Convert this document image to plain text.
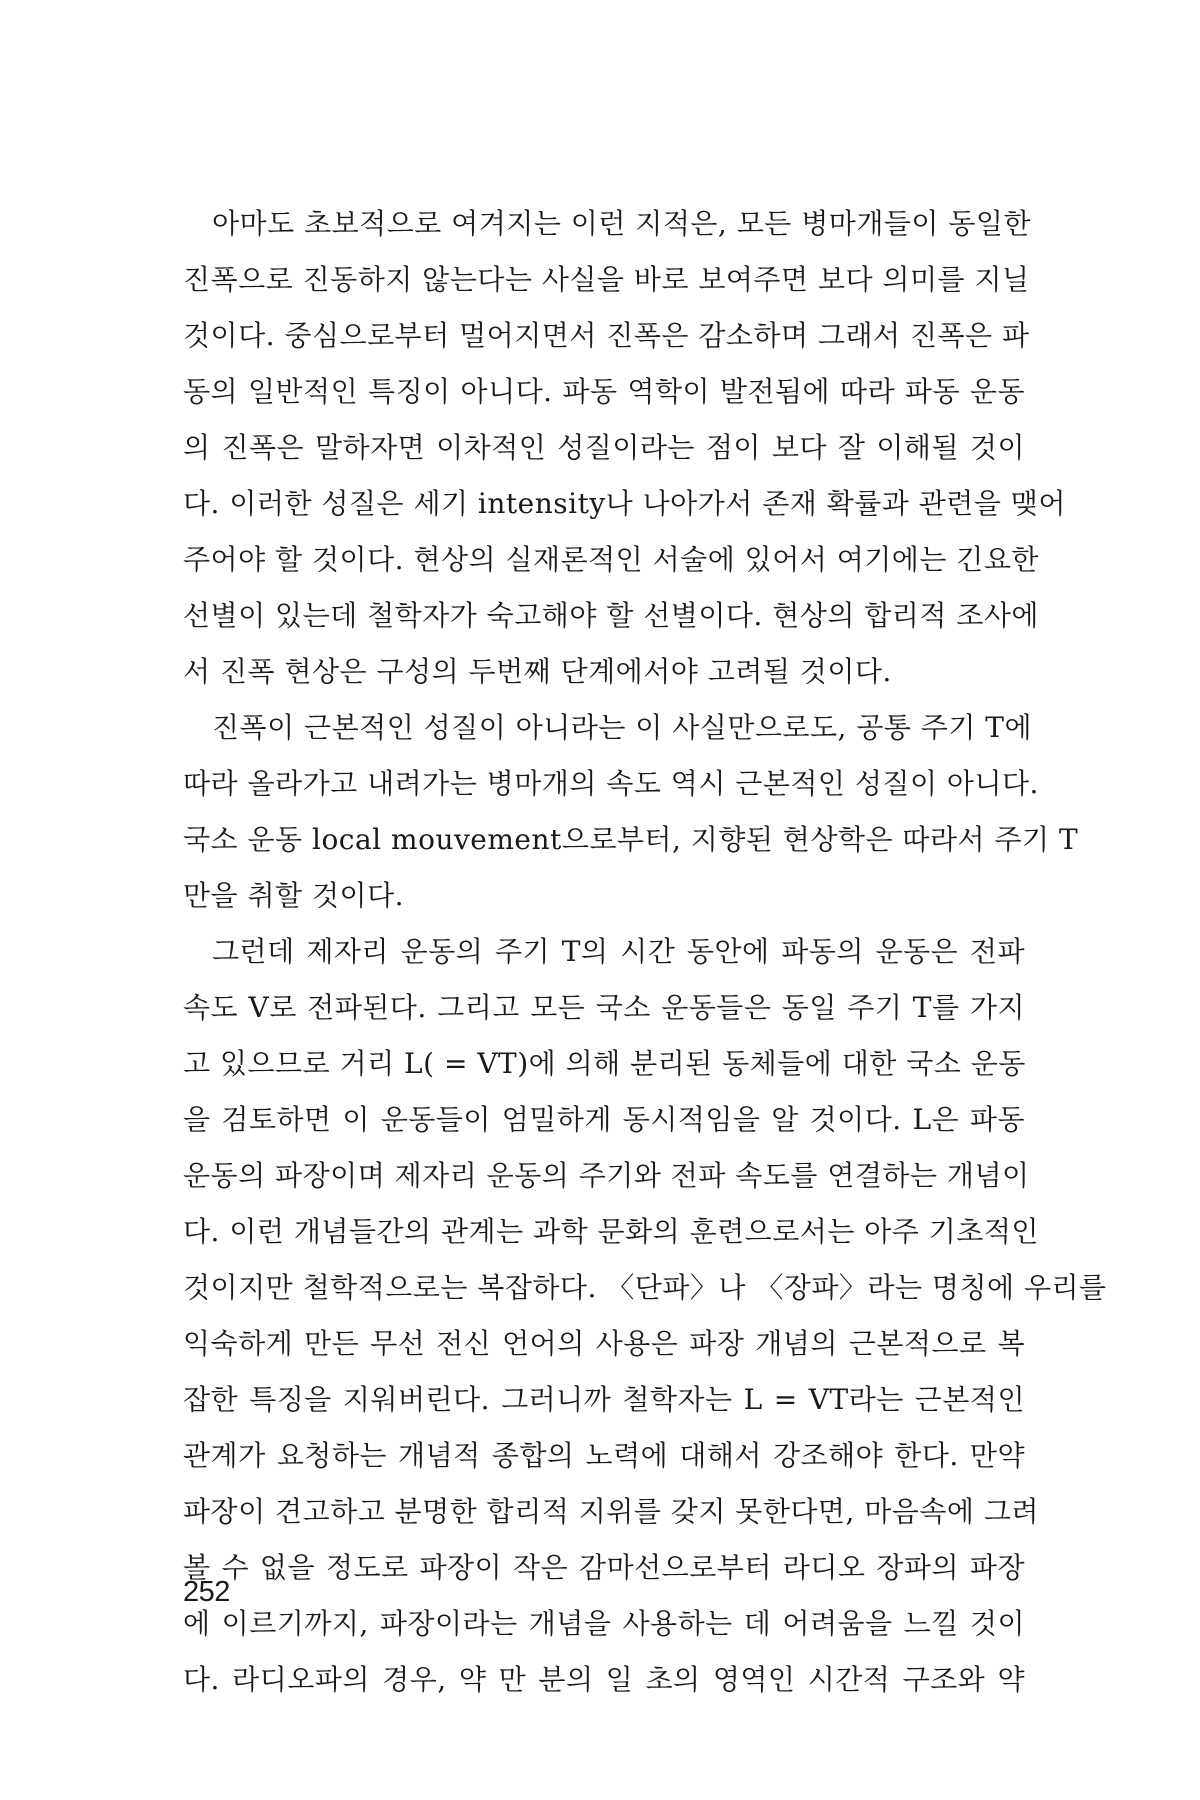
아마도 초보적으로 여겨지는 이런 지적은, 모든 병마개들이 동일한
진폭으로 진동하지 않는다는 사실을 바로 보여주면 보다 의미를 지닐
것이다. 중심으로부터 멀어지면서 진폭은 감소하며 그래서 진폭은 파
동의 일반적인 특징이 아니다. 파동 역학이 발전됨에 따라 파동 운동
의 진폭은 말하자면 이차적인 성질이라는 점이 보다 잘 이해될 것이
다. 이러한 성질은 세기 intensity나 나아가서 존재 확률과 관련을 맺어
주어야 할 것이다. 현상의 실재론적인 서술에 있어서 여기에는 긴요한
선별이 있는데 철학자가 숙고해야 할 선별이다. 현상의 합리적 조사에
서 진폭 현상은 구성의 두번째 단계에서야 고려될 것이다.
진폭이 근본적인 성질이 아니라는 이 사실만으로도, 공통 주기 T에
따라 올라가고 내려가는 병마개의 속도 역시 근본적인 성질이 아니다.
국소 운동 local mouvement으로부터, 지향된 현상학은 따라서 주기 T
만을 취할 것이다.
그런데 제자리 운동의 주기 T의 시간 동안에 파동의 운동은 전파
속도 V로 전파된다. 그리고 모든 국소 운동들은 동일 주기 T를 가지
고 있으므로 거리 L( = VT)에 의해 분리된 동체들에 대한 국소 운동
을 검토하면 이 운동들이 엄밀하게 동시적임을 알 것이다. L은 파동
운동의 파장이며 제자리 운동의 주기와 전파 속도를 연결하는 개념이
다. 이런 개념들간의 관계는 과학 문화의 훈련으로서는 아주 기초적인
것이지만 철학적으로는 복잡하다. 〈단파〉나 〈장파〉라는 명칭에 우리를
익숙하게 만든 무선 전신 언어의 사용은 파장 개념의 근본적으로 복
잡한 특징을 지워버린다. 그러니까 철학자는 L = VT라는 근본적인
관계가 요청하는 개념적 종합의 노력에 대해서 강조해야 한다. 만약
파장이 견고하고 분명한 합리적 지위를 갖지 못한다면, 마음속에 그려
볼 수 없을 정도로 파장이 작은 감마선으로부터 라디오 장파의 파장
에 이르기까지, 파장이라는 개념을 사용하는 데 어려움을 느낄 것이
다. 라디오파의 경우, 약 만 분의 일 초의 영역인 시간적 구조와 약
252
